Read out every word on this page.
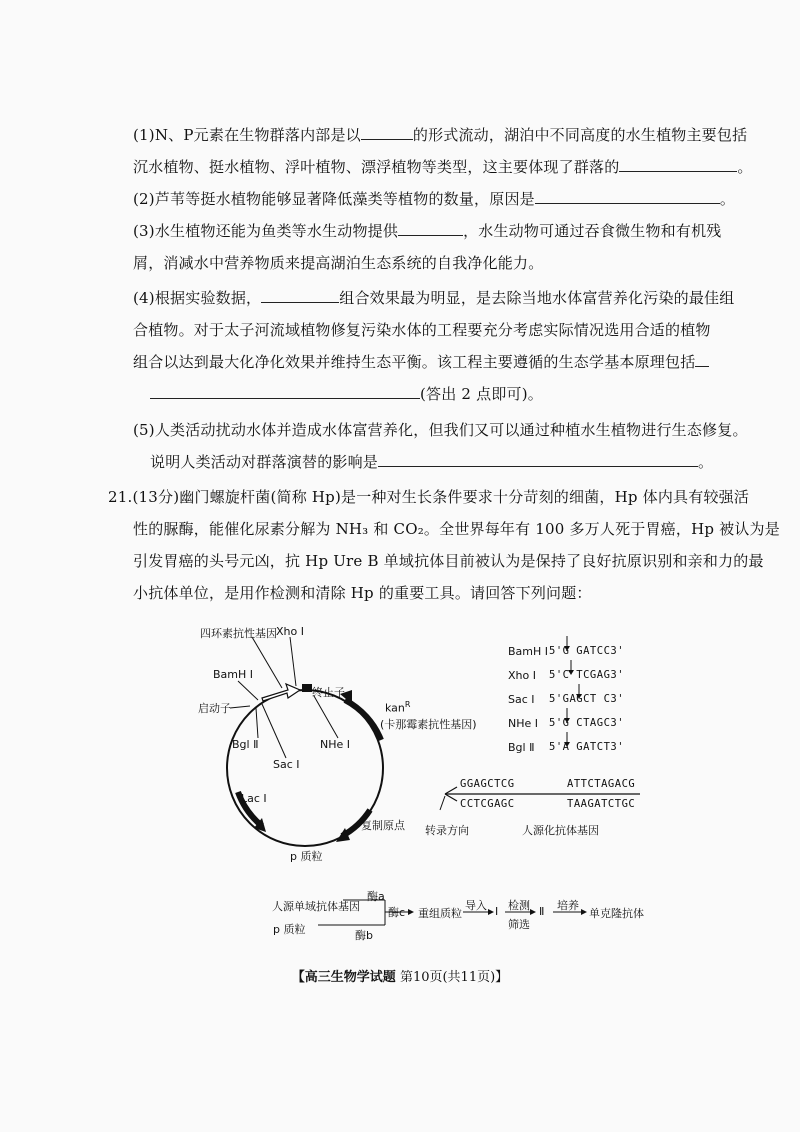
(1)N、P元素在生物群落内部是以	的形式流动，湖泊中不同高度的水生植物主要包括
沉水植物、挺水植物、浮叶植物、漂浮植物等类型，这主要体现了群落的	。
(2)芦苇等挺水植物能够显著降低藻类等植物的数量，原因是	。
(3)水生植物还能为鱼类等水生动物提供	，水生动物可通过吞食微生物和有机残
屑，消减水中营养物质来提高湖泊生态系统的自我净化能力。
(4)根据实验数据，	组合效果最为明显，是去除当地水体富营养化污染的最佳组
合植物。对于太子河流域植物修复污染水体的工程要充分考虑实际情况选用合适的植物
组合以达到最大化净化效果并维持生态平衡。该工程主要遵循的生态学基本原理包括
(答出 2 点即可)。
(5)人类活动扰动水体并造成水体富营养化，但我们又可以通过种植水生植物进行生态修复。
说明人类活动对群落演替的影响是	。
21.(13分)幽门螺旋杆菌(简称 Hp)是一种对生长条件要求十分苛刻的细菌，Hp 体内具有较强活
性的脲酶，能催化尿素分解为 NH₃ 和 CO₂。全世界每年有 100 多万人死于胃癌，Hp 被认为是
引发胃癌的头号元凶，抗 Hp Ure B 单域抗体目前被认为是保持了良好抗原识别和亲和力的最
小抗体单位，是用作检测和清除 Hp 的重要工具。请回答下列问题：
四环素抗性基因 Xho Ⅰ
BamH Ⅰ
终止子
启动子	kan$^R$
(卡那霉素抗性基因)
Bgl Ⅱ	NHe Ⅰ
Sac Ⅰ
Lac Ⅰ
复制原点
p 质粒
BamH Ⅰ 5'G GATCC3'
Xho Ⅰ 5'C TCGAG3'
Sac Ⅰ 5'GAGCT C3'
NHe Ⅰ 5'G CTAGC3'
Bgl Ⅱ 5'A GATCT3'
GGAGCTCG	ATTCTAGACG
CCTCGAGC	TAAGATCTGC
转录方向	人源化抗体基因
人源单域抗体基因
酶a
酶c
p 质粒	酶b
重组质粒
导入 Ⅰ 检测
筛选
Ⅱ 培养
单克隆抗体
【高三生物学试题 第10页(共11页)】
